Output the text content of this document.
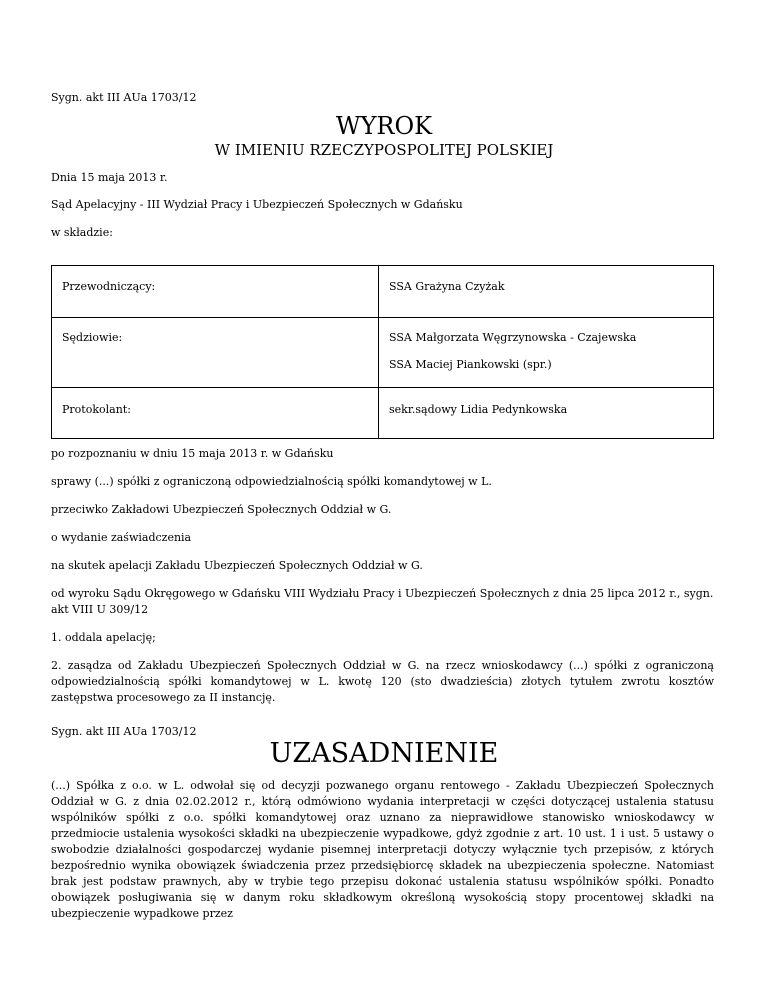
Sygn. akt III AUa 1703/12
WYROK
W IMIENIU RZECZYPOSPOLITEJ POLSKIEJ
Dnia 15 maja 2013 r.
Sąd Apelacyjny - III Wydział Pracy i Ubezpieczeń Społecznych w Gdańsku
w składzie:
Przewodniczący:	SSA Grażyna Czyżak

Sędziowie:	SSA Małgorzata Węgrzynowska - Czajewska
SSA Maciej Piankowski (spr.)

Protokolant:	sekr.sądowy Lidia Pedynkowska
po rozpoznaniu w dniu 15 maja 2013 r. w Gdańsku
sprawy (...) spółki z ograniczoną odpowiedzialnością spółki komandytowej w L.
przeciwko Zakładowi Ubezpieczeń Społecznych Oddział w G.
o wydanie zaświadczenia
na skutek apelacji Zakładu Ubezpieczeń Społecznych Oddział w G.
od wyroku Sądu Okręgowego w Gdańsku VIII Wydziału Pracy i Ubezpieczeń Społecznych z dnia 25 lipca 2012 r., sygn. akt VIII U 309/12
1. oddala apelację;
2. zasądza od Zakładu Ubezpieczeń Społecznych Oddział w G. na rzecz wnioskodawcy (...) spółki z ograniczoną odpowiedzialnością spółki komandytowej w L. kwotę 120 (sto dwadzieścia) złotych tytułem zwrotu kosztów zastępstwa procesowego za II instancję.
Sygn. akt III AUa 1703/12
UZASADNIENIE
(...) Spółka z o.o. w L. odwołał się od decyzji pozwanego organu rentowego - Zakładu Ubezpieczeń Społecznych Oddział w G. z dnia 02.02.2012 r., którą odmówiono wydania interpretacji w części dotyczącej ustalenia statusu wspólników spółki z o.o. spółki komandytowej oraz uznano za nieprawidłowe stanowisko wnioskodawcy w przedmiocie ustalenia wysokości składki na ubezpieczenie wypadkowe, gdyż zgodnie z art. 10 ust. 1 i ust. 5 ustawy o swobodzie działalności gospodarczej wydanie pisemnej interpretacji dotyczy wyłącznie tych przepisów, z których bezpośrednio wynika obowiązek świadczenia przez przedsiębiorcę składek na ubezpieczenia społeczne. Natomiast brak jest podstaw prawnych, aby w trybie tego przepisu dokonać ustalenia statusu wspólników spółki. Ponadto obowiązek posługiwania się w danym roku składkowym określoną wysokością stopy procentowej składki na ubezpieczenie wypadkowe przez
